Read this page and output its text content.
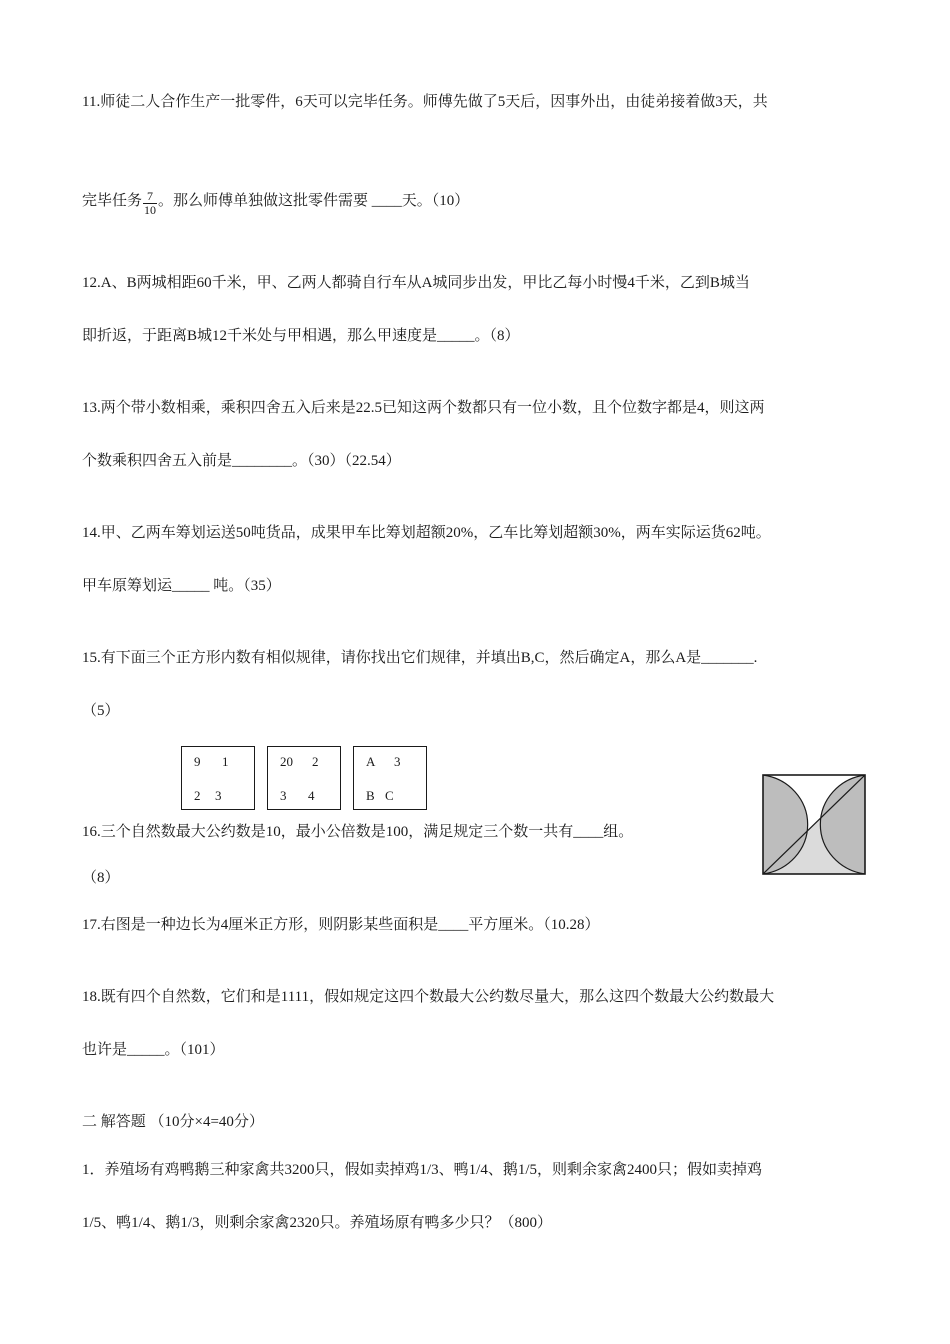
11.师徒二人合作生产一批零件，6天可以完毕任务。师傅先做了5天后，因事外出，由徒弟接着做3天，共
完毕任务 $\frac{7}{10}$ 。那么师傅单独做这批零件需要 ____天。（10）
12.A、B两城相距60千米，甲、乙两人都骑自行车从A城同步出发，甲比乙每小时慢4千米，乙到B城当
即折返，于距离B城12千米处与甲相遇，那么甲速度是_____。（8）
13.两个带小数相乘，乘积四舍五入后来是22.5已知这两个数都只有一位小数，且个位数字都是4，则这两
个数乘积四舍五入前是________。（30）（22.54）
14.甲、乙两车筹划运送50吨货品，成果甲车比筹划超额20%，乙车比筹划超额30%，两车实际运货62吨。
甲车原筹划运_____ 吨。（35）
15.有下面三个正方形内数有相似规律，请你找出它们规律，并填出B,C，然后确定A，那么A是_______.
（5）
9 1
2 3
20 2
3 4
A 3
B C
16.三个自然数最大公约数是10，最小公倍数是100，满足规定三个数一共有____组。
（8）
17.右图是一种边长为4厘米正方形，则阴影某些面积是____平方厘米。（10.28）
18.既有四个自然数，它们和是1111，假如规定这四个数最大公约数尽量大，那么这四个数最大公约数最大
也许是_____。（101）
二 解答题 （10分×4=40分）
1．养殖场有鸡鸭鹅三种家禽共3200只，假如卖掉鸡1/3、鸭1/4、鹅1/5，则剩余家禽2400只；假如卖掉鸡
1/5、鸭1/4、鹅1/3，则剩余家禽2320只。养殖场原有鸭多少只？（800）
